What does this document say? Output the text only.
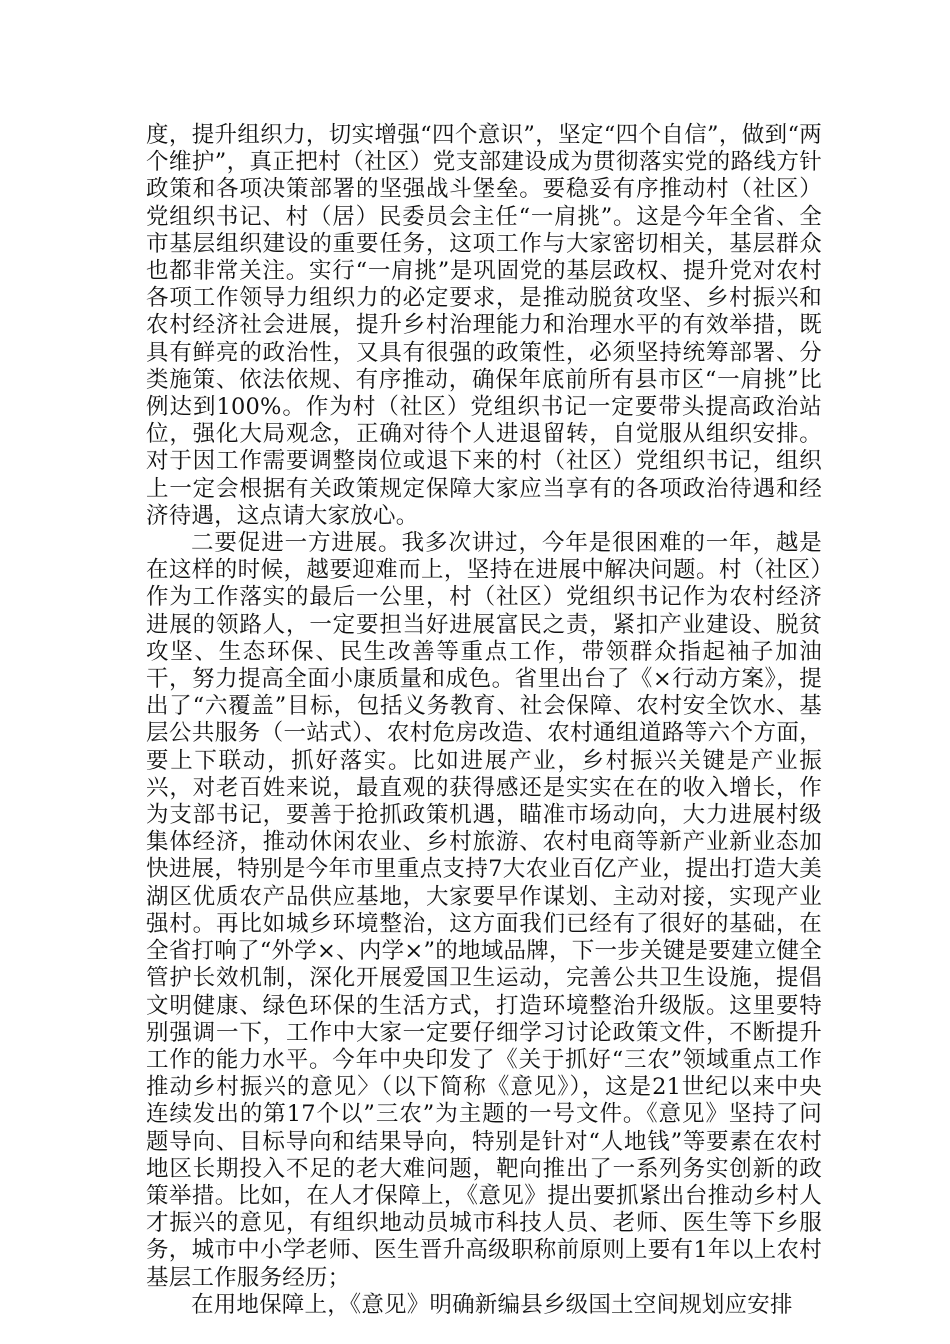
度，提升组织力，切实增强“四个意识”，坚定“四个自信”，做到“两个维护”，真正把村（社区）党支部建设成为贯彻落实党的路线方针政策和各项决策部署的坚强战斗堡垒。要稳妥有序推动村（社区）党组织书记、村（居）民委员会主任“一肩挑”。这是今年全省、全市基层组织建设的重要任务，这项工作与大家密切相关，基层群众也都非常关注。实行“一肩挑”是巩固党的基层政权、提升党对农村各项工作领导力组织力的必定要求，是推动脱贫攻坚、乡村振兴和农村经济社会进展，提升乡村治理能力和治理水平的有效举措，既具有鲜亮的政治性，又具有很强的政策性，必须坚持统筹部署、分类施策、依法依规、有序推动，确保年底前所有县市区“一肩挑”比例达到100%。作为村（社区）党组织书记一定要带头提高政治站位，强化大局观念，正确对待个人进退留转，自觉服从组织安排。对于因工作需要调整岗位或退下来的村（社区）党组织书记，组织上一定会根据有关政策规定保障大家应当享有的各项政治待遇和经济待遇，这点请大家放心。

二要促进一方进展。我多次讲过，今年是很困难的一年，越是在这样的时候，越要迎难而上，坚持在进展中解决问题。村（社区）作为工作落实的最后一公里，村（社区）党组织书记作为农村经济进展的领路人，一定要担当好进展富民之责，紧扣产业建设、脱贫攻坚、生态环保、民生改善等重点工作，带领群众指起袖子加油干，努力提高全面小康质量和成色。省里出台了《×行动方案》，提出了“六覆盖”目标，包括义务教育、社会保障、农村安全饮水、基层公共服务（一站式）、农村危房改造、农村通组道路等六个方面，要上下联动，抓好落实。比如进展产业，乡村振兴关键是产业振兴，对老百姓来说，最直观的获得感还是实实在在的收入增长，作为支部书记，要善于抢抓政策机遇，瞄准市场动向，大力进展村级集体经济，推动休闲农业、乡村旅游、农村电商等新产业新业态加快进展，特别是今年市里重点支持7大农业百亿产业，提出打造大美湖区优质农产品供应基地，大家要早作谋划、主动对接，实现产业强村。再比如城乡环境整治，这方面我们已经有了很好的基础，在全省打响了“外学×、内学×”的地域品牌，下一步关键是要建立健全管护长效机制，深化开展爱国卫生运动，完善公共卫生设施，提倡文明健康、绿色环保的生活方式，打造环境整治升级版。这里要特别强调一下，工作中大家一定要仔细学习讨论政策文件，不断提升工作的能力水平。今年中央印发了《关于抓好“三农”领域重点工作推动乡村振兴的意见〉（以下简称《意见》），这是21世纪以来中央连续发出的第17个以”三农”为主题的一号文件。《意见》坚持了问题导向、目标导向和结果导向，特别是针对“人地钱”等要素在农村地区长期投入不足的老大难问题，靶向推出了一系列务实创新的政策举措。比如，在人才保障上，《意见》提出要抓紧出台推动乡村人才振兴的意见，有组织地动员城市科技人员、老师、医生等下乡服务，城市中小学老师、医生晋升高级职称前原则上要有1年以上农村基层工作服务经历；

在用地保障上，《意见》明确新编县乡级国土空间规划应安排
